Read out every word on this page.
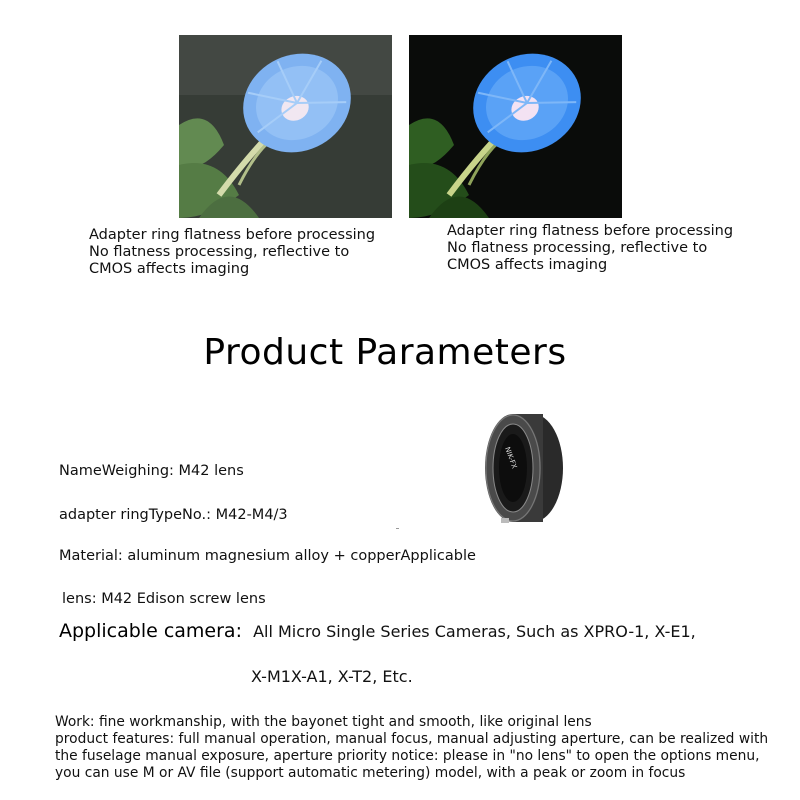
Adapter ring flatness before processing
No flatness processing, reflective to
CMOS affects imaging
Adapter ring flatness before processing
No flatness processing, reflective to
CMOS affects imaging
Product Parameters
NIK-FX
NameWeighing: M42 lens
adapter ringTypeNo.: M42-M4/3
Material: aluminum magnesium alloy + copperApplicable
lens: M42 Edison screw lens
Applicable camera: All Micro Single Series Cameras, Such as XPRO-1, X-E1,
X-M1X-A1, X-T2, Etc.
Work: fine workmanship, with the bayonet tight and smooth, like original lens
product features: full manual operation, manual focus, manual adjusting aperture, can be realized with
the fuselage manual exposure, aperture priority notice: please in "no lens" to open the options menu,
you can use M or AV file (support automatic metering) model, with a peak or zoom in focus
